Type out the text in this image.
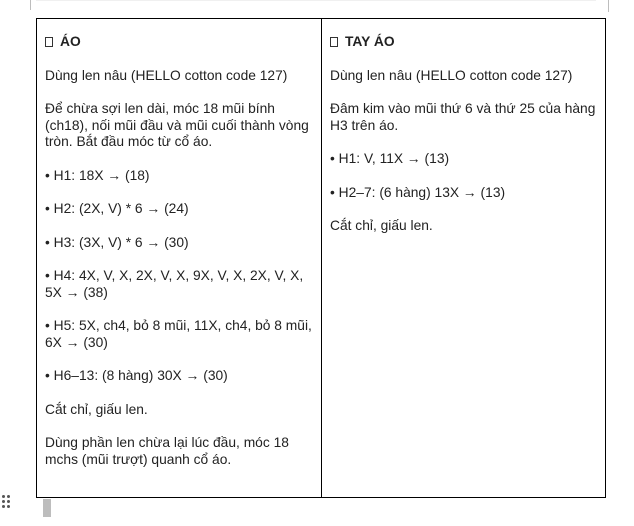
ÁO
Dùng len nâu (HELLO cotton code 127)
Để chừa sợi len dài, móc 18 mũi bính (ch18), nối mũi đầu và mũi cuối thành vòng tròn. Bắt đầu móc từ cổ áo.
• H1: 18X → (18)
• H2: (2X, V) * 6 → (24)
• H3: (3X, V) * 6 → (30)
• H4: 4X, V, X, 2X, V, X, 9X, V, X, 2X, V, X, 5X → (38)
• H5: 5X, ch4, bỏ 8 mũi, 11X, ch4, bỏ 8 mũi, 6X → (30)
• H6–13: (8 hàng) 30X → (30)
Cắt chỉ, giấu len.
Dùng phần len chừa lại lúc đầu, móc 18 mchs (mũi trượt) quanh cổ áo.
TAY ÁO
Dùng len nâu (HELLO cotton code 127)
Đâm kim vào mũi thứ 6 và thứ 25 của hàng H3 trên áo.
• H1: V, 11X → (13)
• H2–7: (6 hàng) 13X → (13)
Cắt chỉ, giấu len.
